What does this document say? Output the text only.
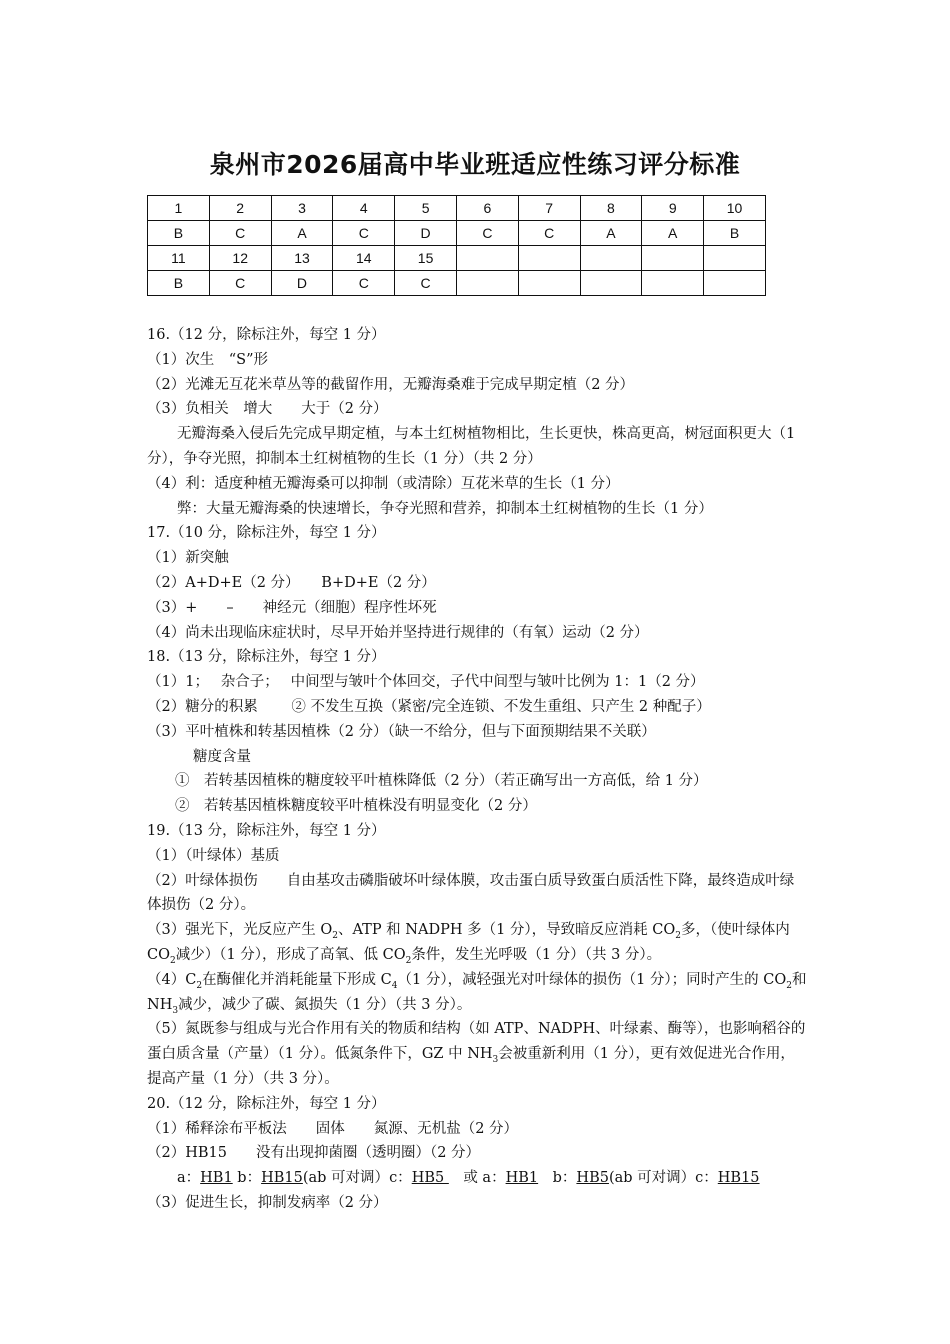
泉州市2026届高中毕业班适应性练习评分标准
1	2	3	4	5	6	7	8	9	10
B	C	A	C	D	C	C	A	A	B
11	12	13	14	15					
B	C	D	C	C					
16.（12 分，除标注外，每空 1 分）
（1）次生　“S”形
（2）光滩无互花米草丛等的截留作用，无瓣海桑难于完成早期定植（2 分）
（3）负相关　增大　　大于（2 分）
无瓣海桑入侵后先完成早期定植，与本土红树植物相比，生长更快，株高更高，树冠面积更大（1 分），争夺光照，抑制本土红树植物的生长（1 分）（共 2 分）
（4）利：适度种植无瓣海桑可以抑制（或清除）互花米草的生长（1 分）
弊：大量无瓣海桑的快速增长，争夺光照和营养，抑制本土红树植物的生长（1 分）
17.（10 分，除标注外，每空 1 分）
（1）新突触
（2）A+D+E（2 分）　　B+D+E（2 分）
（3）+　　–　　神经元（细胞）程序性坏死
（4）尚未出现临床症状时，尽早开始并坚持进行规律的（有氧）运动（2 分）
18.（13 分，除标注外，每空 1 分）
（1）1；　 杂合子；　 中间型与皱叶个体回交，子代中间型与皱叶比例为 1：1（2 分）
（2）糖分的积累　　 ② 不发生互换（紧密/完全连锁、不发生重组、只产生 2 种配子）
（3）平叶植株和转基因植株（2 分）（缺一不给分，但与下面预期结果不关联）
糖度含量
①　若转基因植株的糖度较平叶植株降低（2 分）（若正确写出一方高低，给 1 分）
②　若转基因植株糖度较平叶植株没有明显变化（2 分）
19.（13 分，除标注外，每空 1 分）
（1）（叶绿体）基质
（2）叶绿体损伤　　自由基攻击磷脂破坏叶绿体膜，攻击蛋白质导致蛋白质活性下降，最终造成叶绿体损伤（2 分）。
（3）强光下，光反应产生 $O_2$、ATP 和 NADPH 多（1 分），导致暗反应消耗 $CO_2$多，（使叶绿体内 $CO_2$减少）（1 分），形成了高氧、低 $CO_2$条件，发生光呼吸（1 分）（共 3 分）。
$(4)C_2$在酶催化并消耗能量下形成 $C_4(1$ 分），减轻强光对叶绿体的损伤（1 分）；同时产生的 $CO_2$和 $NH_3$减少，减少了碳、氮损失（1 分）（共 3 分）。
（5）氮既参与组成与光合作用有关的物质和结构（如 ATP、NADPH、叶绿素、酶等），也影响稻谷的蛋白质含量（产量）（1 分）。低氮条件下，GZ 中 $NH_3$会被重新利用（1 分），更有效促进光合作用，提高产量（1 分）（共 3 分）。
20.（12 分，除标注外，每空 1 分）
（1）稀释涂布平板法　　固体　　氮源、无机盐（2 分）
（2）HB15　　没有出现抑菌圈（透明圈）（2 分）
a：HB1 b：HB15(ab 可对调）c：HB5 　或 a：HB1　b：HB5(ab 可对调）c：HB15
（3）促进生长，抑制发病率（2 分）
